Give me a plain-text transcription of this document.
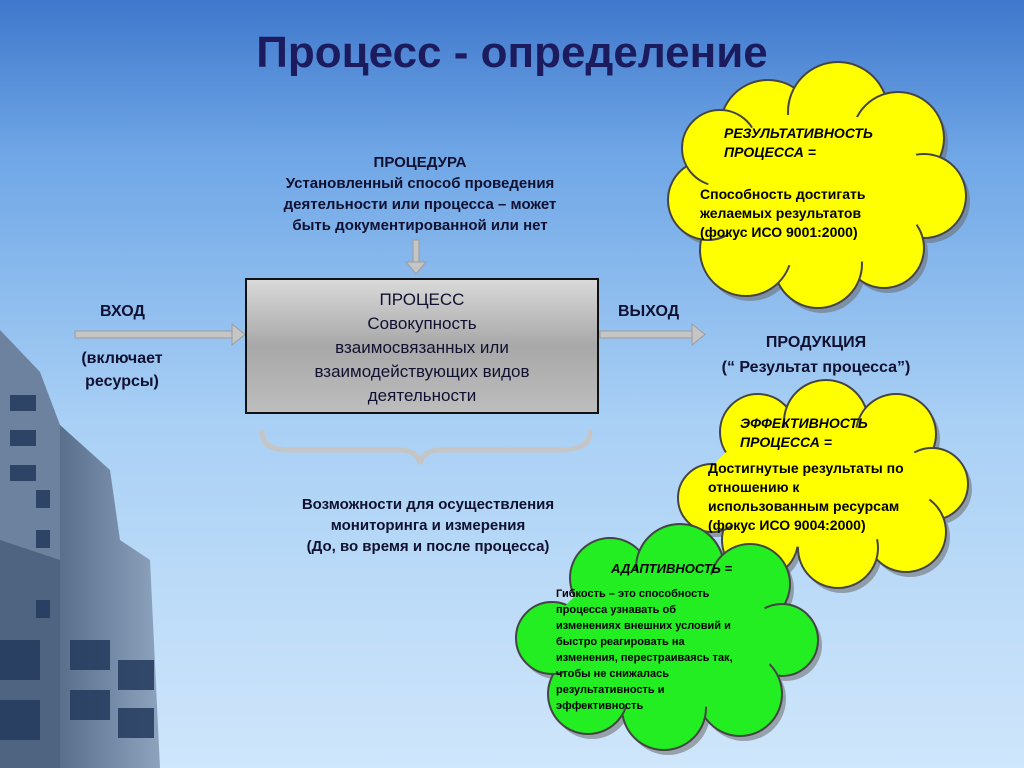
Процесс - определение
ПРОЦЕДУРА
Установленный способ проведения
деятельности или процесса – может
быть документированной или нет
ПРОЦЕСС
Совокупность
взаимосвязанных или
взаимодействующих видов
деятельности
ВХОД
(включает
ресурсы)
ВЫХОД
ПРОДУКЦИЯ
(“ Результат процесса”)
Возможности для осуществления
мониторинга и измерения
(До, во время и после процесса)
РЕЗУЛЬТАТИВНОСТЬ
ПРОЦЕССА =
Способность достигать
желаемых результатов
(фокус ИСО 9001:2000)
ЭФФЕКТИВНОСТЬ
ПРОЦЕССА =
Достигнутые результаты по
отношению к
использованным ресурсам
(фокус ИСО 9004:2000)
АДАПТИВНОСТЬ =
Гибкость – это способность
процесса узнавать об
изменениях внешних условий и
быстро реагировать на
изменения, перестраиваясь так,
чтобы не снижалась
результативность и
эффективность
